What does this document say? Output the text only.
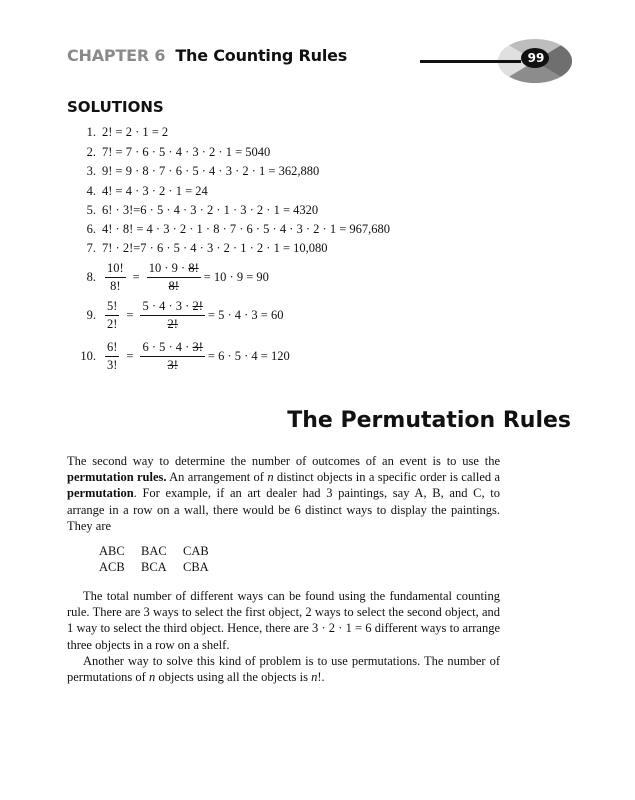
CHAPTER 6 The Counting Rules	99
SOLUTIONS
1. 2! = 2 · 1 = 2
2. 7! = 7 · 6 · 5 · 4 · 3 · 2 · 1 = 5040
3. 9! = 9 · 8 · 7 · 6 · 5 · 4 · 3 · 2 · 1 = 362,880
4. 4! = 4 · 3 · 2 · 1 = 24
5. 6! · 3!=6 · 5 · 4 · 3 · 2 · 1 · 3 · 2 · 1 = 4320
6. 4! · 8! = 4 · 3 · 2 · 1 · 8 · 7 · 6 · 5 · 4 · 3 · 2 · 1 = 967,680
7. 7! · 2!=7 · 6 · 5 · 4 · 3 · 2 · 1 · 2 · 1 = 10,080
8. $\frac{10!}{8!} = \frac{10 \cdot 9 \cdot 8!}{8!} = 10 \cdot 9 = 90$
9. $\frac{5!}{2!} = \frac{5 \cdot 4 \cdot 3 \cdot 2!}{2!} = 5 \cdot 4 \cdot 3 = 60$
10. $\frac{6!}{3!} = \frac{6 \cdot 5 \cdot 4 \cdot 3!}{3!} = 6 \cdot 5 \cdot 4 = 120$
The Permutation Rules
The second way to determine the number of outcomes of an event is to use the permutation rules. An arrangement of n distinct objects in a specific order is called a permutation. For example, if an art dealer had 3 paintings, say A, B, and C, to arrange in a row on a wall, there would be 6 distinct ways to display the paintings. They are
ABC BAC CAB
ACB BCA CBA
The total number of different ways can be found using the fundamental counting rule. There are 3 ways to select the first object, 2 ways to select the second object, and 1 way to select the third object. Hence, there are 3 · 2 · 1 = 6 different ways to arrange three objects in a row on a shelf.
Another way to solve this kind of problem is to use permutations. The number of permutations of n objects using all the objects is n!.
